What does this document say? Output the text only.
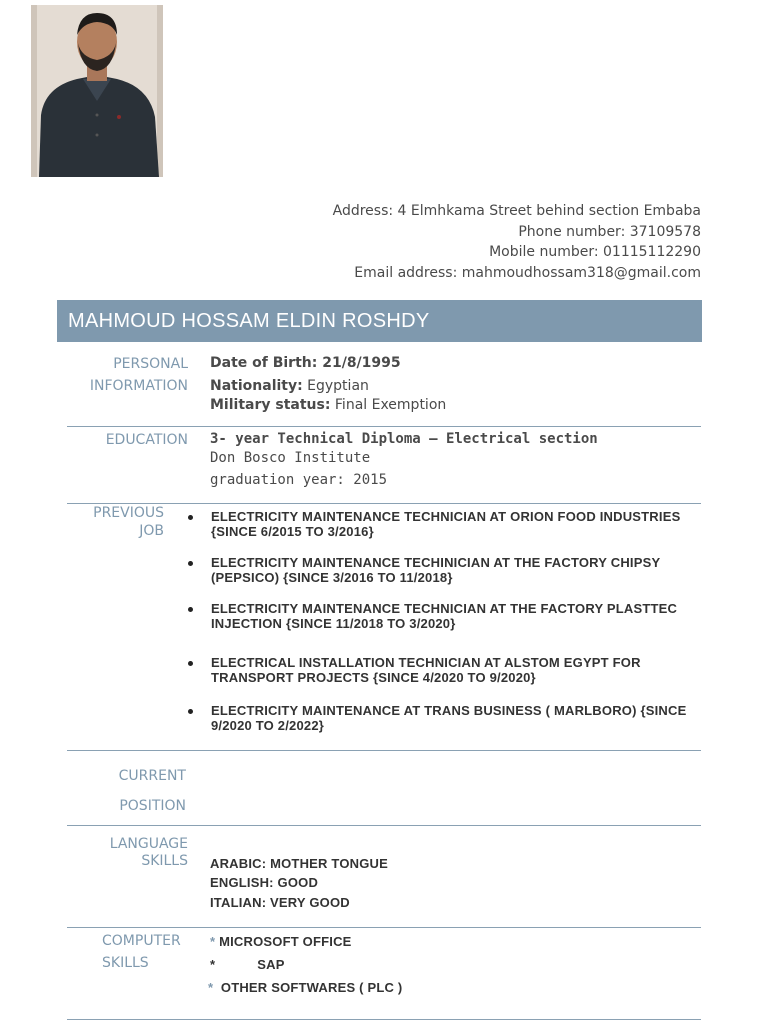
Address: 4 Elmhkama Street behind section Embaba
Phone number: 37109578
Mobile number: 01115112290
Email address: mahmoudhossam318@gmail.com
MAHMOUD HOSSAM ELDIN ROSHDY
PERSONAL
INFORMATION
Date of Birth: 21/8/1995
Nationality: Egyptian
Military status: Final Exemption
EDUCATION 3- year Technical Diploma – Electrical section
Don Bosco Institute
graduation year: 2015
PREVIOUS
JOB
ELECTRICITY MAINTENANCE TECHNICIAN AT ORION FOOD INDUSTRIES {SINCE 6/2015 TO 3/2016}
ELECTRICITY MAINTENANCE TECHINICIAN AT THE FACTORY CHIPSY (PEPSICO) {SINCE 3/2016 TO 11/2018}
ELECTRICITY MAINTENANCE TECHNICIAN AT THE FACTORY PLASTTEC INJECTION {SINCE 11/2018 TO 3/2020}
ELECTRICAL INSTALLATION TECHNICIAN AT ALSTOM EGYPT FOR TRANSPORT PROJECTS {SINCE 4/2020 TO 9/2020}
ELECTRICITY MAINTENANCE AT TRANS BUSINESS ( MARLBORO) {SINCE 9/2020 TO 2/2022}
CURRENT
POSITION
LANGUAGE
SKILLS ARABIC: MOTHER TONGUE
ENGLISH: GOOD
ITALIAN: VERY GOOD
COMPUTER
SKILLS
* MICROSOFT OFFICE
*	SAP
* OTHER SOFTWARES ( PLC )
